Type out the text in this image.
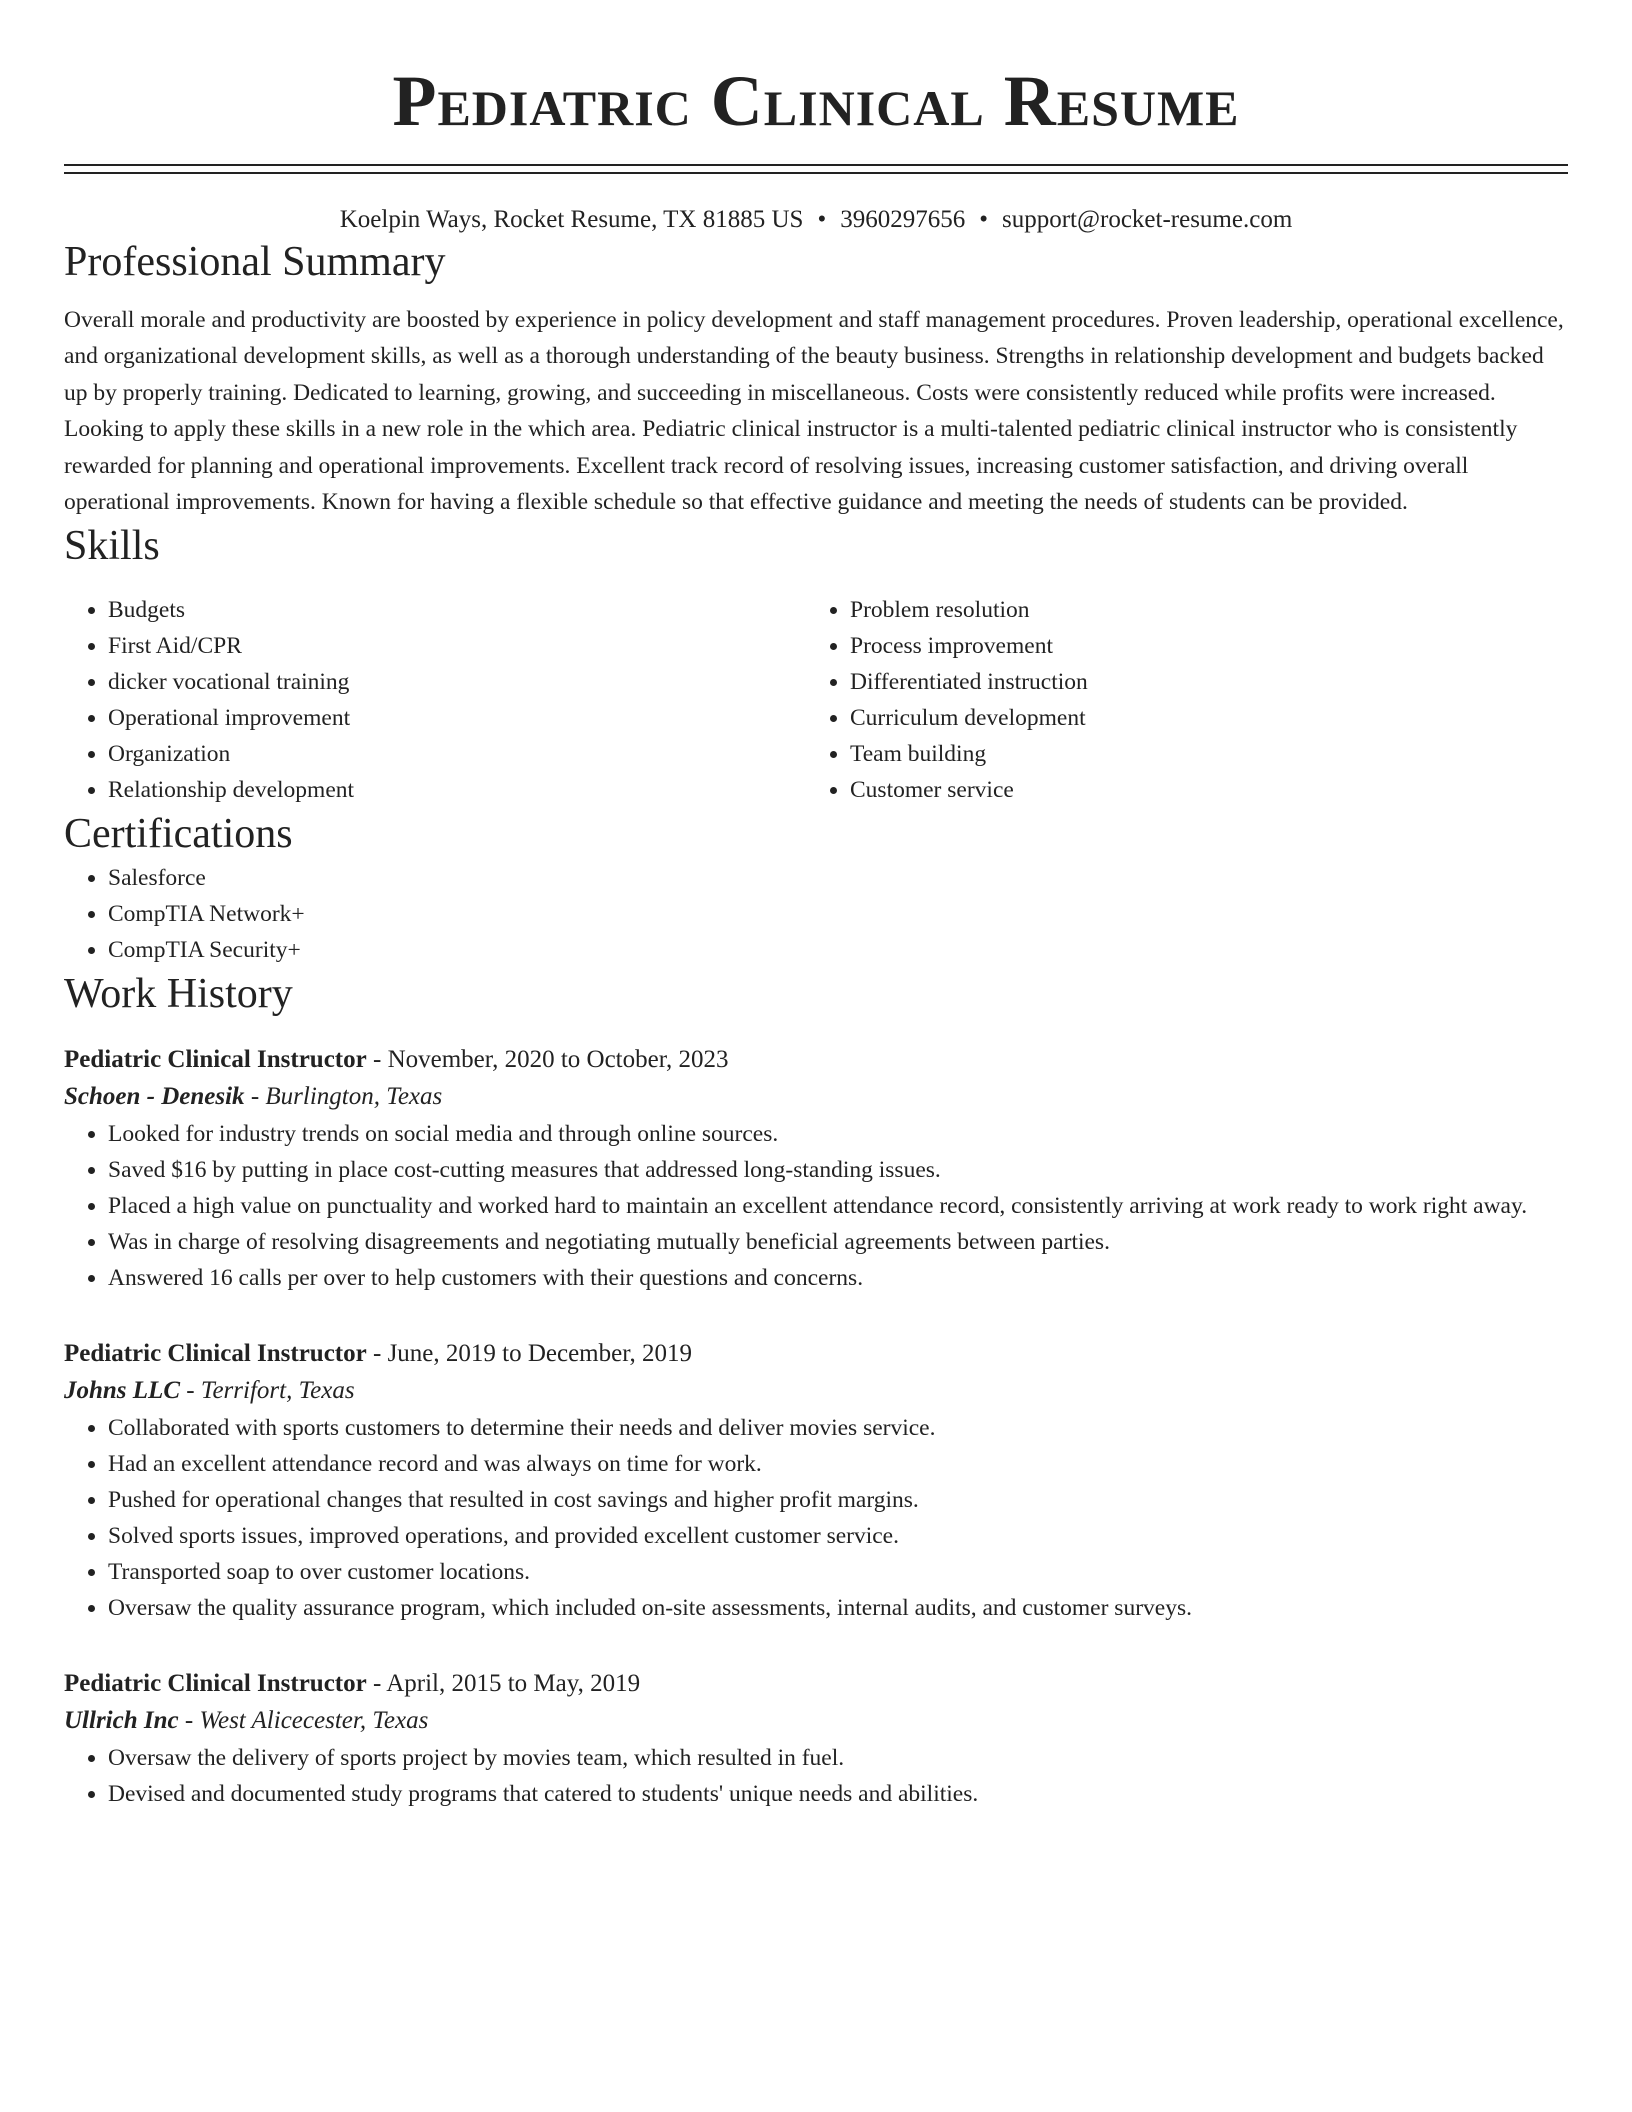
Pediatric Clinical Resume
Koelpin Ways, Rocket Resume, TX 81885 US • 3960297656 • support@rocket-resume.com
Professional Summary
Overall morale and productivity are boosted by experience in policy development and staff management procedures. Proven leadership, operational excellence, and organizational development skills, as well as a thorough understanding of the beauty business. Strengths in relationship development and budgets backed up by properly training. Dedicated to learning, growing, and succeeding in miscellaneous. Costs were consistently reduced while profits were increased. Looking to apply these skills in a new role in the which area. Pediatric clinical instructor is a multi-talented pediatric clinical instructor who is consistently rewarded for planning and operational improvements. Excellent track record of resolving issues, increasing customer satisfaction, and driving overall operational improvements. Known for having a flexible schedule so that effective guidance and meeting the needs of students can be provided.
Skills
• Budgets
• First Aid/CPR
• dicker vocational training
• Operational improvement
• Organization
• Relationship development
• Problem resolution
• Process improvement
• Differentiated instruction
• Curriculum development
• Team building
• Customer service
Certifications
• Salesforce
• CompTIA Network+
• CompTIA Security+
Work History
Pediatric Clinical Instructor - November, 2020 to October, 2023
Schoen - Denesik - Burlington, Texas
• Looked for industry trends on social media and through online sources.
• Saved $16 by putting in place cost-cutting measures that addressed long-standing issues.
• Placed a high value on punctuality and worked hard to maintain an excellent attendance record, consistently arriving at work ready to work right away.
• Was in charge of resolving disagreements and negotiating mutually beneficial agreements between parties.
• Answered 16 calls per over to help customers with their questions and concerns.
Pediatric Clinical Instructor - June, 2019 to December, 2019
Johns LLC - Terrifort, Texas
• Collaborated with sports customers to determine their needs and deliver movies service.
• Had an excellent attendance record and was always on time for work.
• Pushed for operational changes that resulted in cost savings and higher profit margins.
• Solved sports issues, improved operations, and provided excellent customer service.
• Transported soap to over customer locations.
• Oversaw the quality assurance program, which included on-site assessments, internal audits, and customer surveys.
Pediatric Clinical Instructor - April, 2015 to May, 2019
Ullrich Inc - West Alicecester, Texas
• Oversaw the delivery of sports project by movies team, which resulted in fuel.
• Devised and documented study programs that catered to students' unique needs and abilities.
